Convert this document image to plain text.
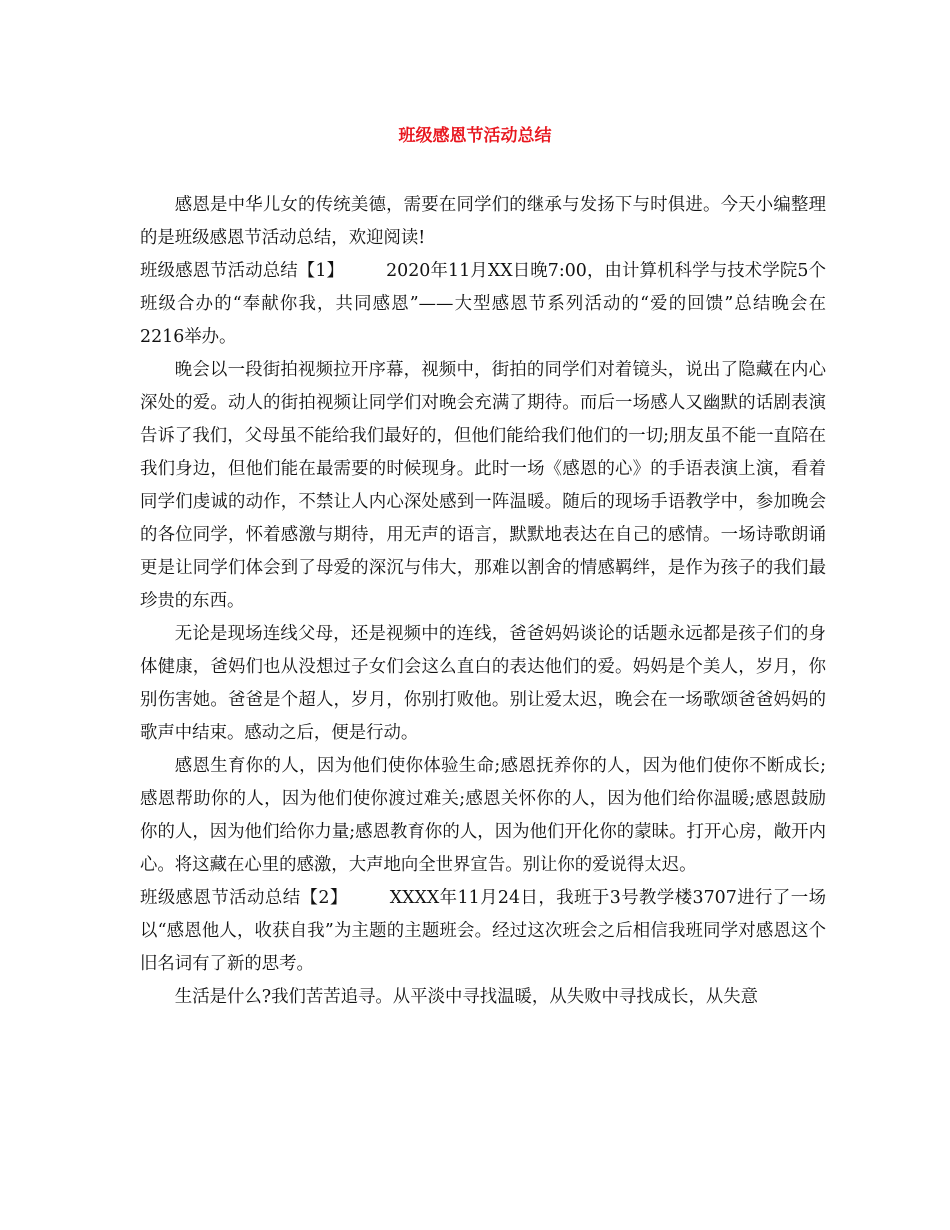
班级感恩节活动总结

感恩是中华儿女的传统美德，需要在同学们的继承与发扬下与时俱进。今天小编整理的是班级感恩节活动总结，欢迎阅读!

班级感恩节活动总结【1】 2020年11月XX日晚7:00，由计算机科学与技术学院5个班级合办的“奉献你我，共同感恩”——大型感恩节系列活动的“爱的回馈”总结晚会在2216举办。

晚会以一段街拍视频拉开序幕，视频中，街拍的同学们对着镜头，说出了隐藏在内心深处的爱。动人的街拍视频让同学们对晚会充满了期待。而后一场感人又幽默的话剧表演告诉了我们，父母虽不能给我们最好的，但他们能给我们他们的一切;朋友虽不能一直陪在我们身边，但他们能在最需要的时候现身。此时一场《感恩的心》的手语表演上演，看着同学们虔诚的动作，不禁让人内心深处感到一阵温暖。随后的现场手语教学中，参加晚会的各位同学，怀着感激与期待，用无声的语言，默默地表达在自己的感情。一场诗歌朗诵更是让同学们体会到了母爱的深沉与伟大，那难以割舍的情感羁绊，是作为孩子的我们最珍贵的东西。

无论是现场连线父母，还是视频中的连线，爸爸妈妈谈论的话题永远都是孩子们的身体健康，爸妈们也从没想过子女们会这么直白的表达他们的爱。妈妈是个美人，岁月，你别伤害她。爸爸是个超人，岁月，你别打败他。别让爱太迟，晚会在一场歌颂爸爸妈妈的歌声中结束。感动之后，便是行动。

感恩生育你的人，因为他们使你体验生命;感恩抚养你的人，因为他们使你不断成长;感恩帮助你的人，因为他们使你渡过难关;感恩关怀你的人，因为他们给你温暖;感恩鼓励你的人，因为他们给你力量;感恩教育你的人，因为他们开化你的蒙昧。打开心房，敞开内心。将这藏在心里的感激，大声地向全世界宣告。别让你的爱说得太迟。

班级感恩节活动总结【2】 XXXX年11月24日，我班于3号教学楼3707进行了一场以“感恩他人，收获自我”为主题的主题班会。经过这次班会之后相信我班同学对感恩这个旧名词有了新的思考。

生活是什么?我们苦苦追寻。从平淡中寻找温暖，从失败中寻找成长，从失意
